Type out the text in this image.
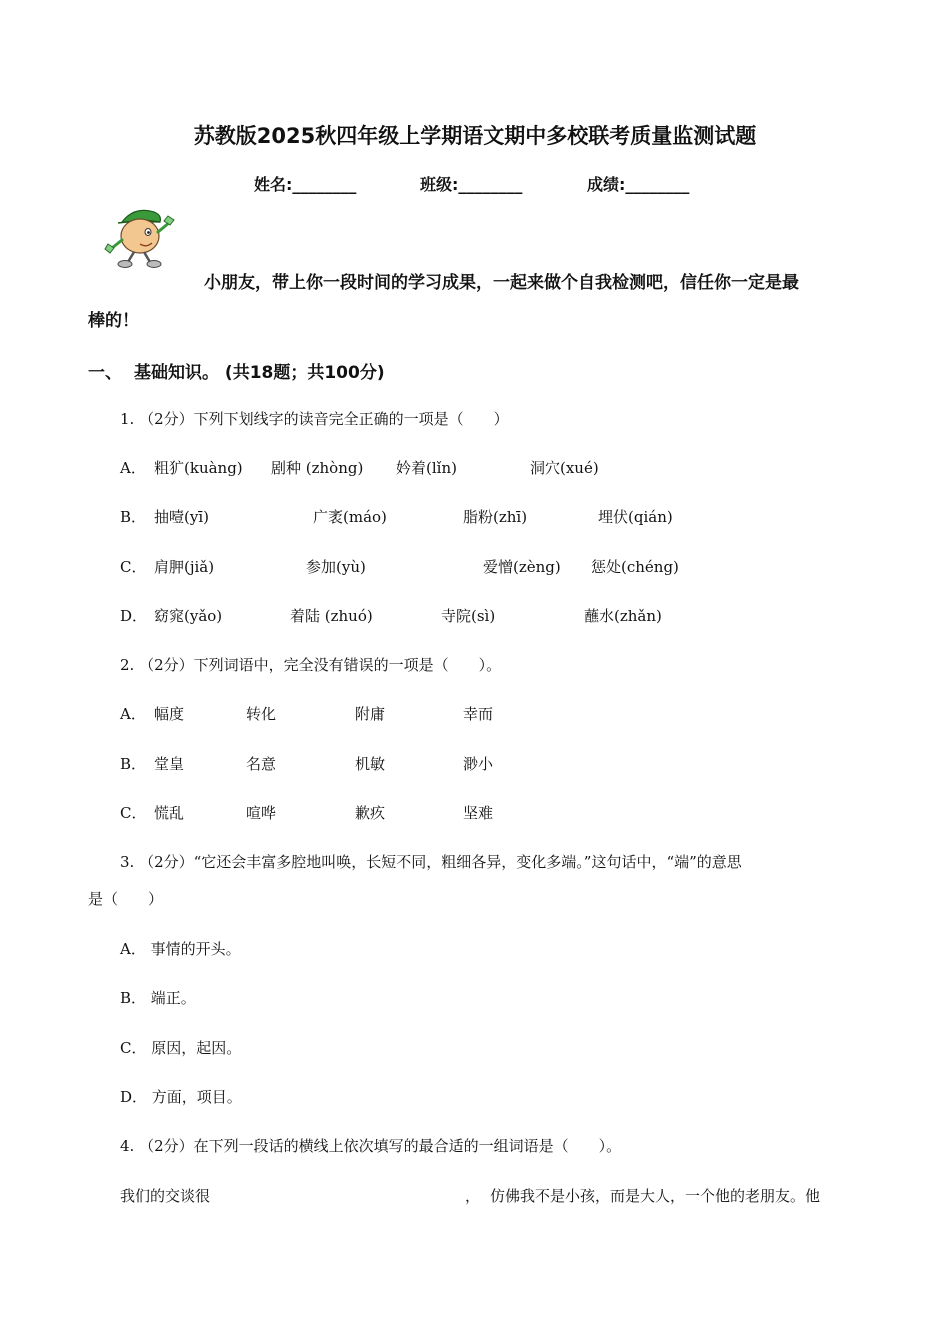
苏教版2025秋四年级上学期语文期中多校联考质量监测试题
姓名:________	班级:________	成绩:________
小朋友，带上你一段时间的学习成果，一起来做个自我检测吧，信任你一定是最
棒的！
一、 基础知识。 (共18题；共100分)
1. （2分）下列下划线字的读音完全正确的一项是（　　）
A． 粗犷(kuàng) 剧种 (zhòng) 妗着(lǐn)	洞穴(xué)
B． 抽噎(yī)	广袤(máo)	脂粉(zhī)	埋伏(qián)
C． 肩胛(jiǎ)	参加(yù)	爱憎(zèng) 惩处(chéng)
D． 窈窕(yǎo)	着陆 (zhuó)	寺院(sì)	蘸水(zhǎn)
2. （2分）下列词语中，完全没有错误的一项是（　　）。
A． 幅度	转化	附庸	幸而
B． 堂皇	名意	机敏	渺小
C． 慌乱	喧哗	歉疚	坚难
3. （2分）“它还会丰富多腔地叫唤，长短不同，粗细各异，变化多端。”这句话中，“端”的意思
是（　　）
A． 事情的开头。
B． 端正。
C． 原因，起因。
D． 方面，项目。
4. （2分）在下列一段话的横线上依次填写的最合适的一组词语是（　　）。
我们的交谈很	， 仿佛我不是小孩，而是大人，一个他的老朋友。他
